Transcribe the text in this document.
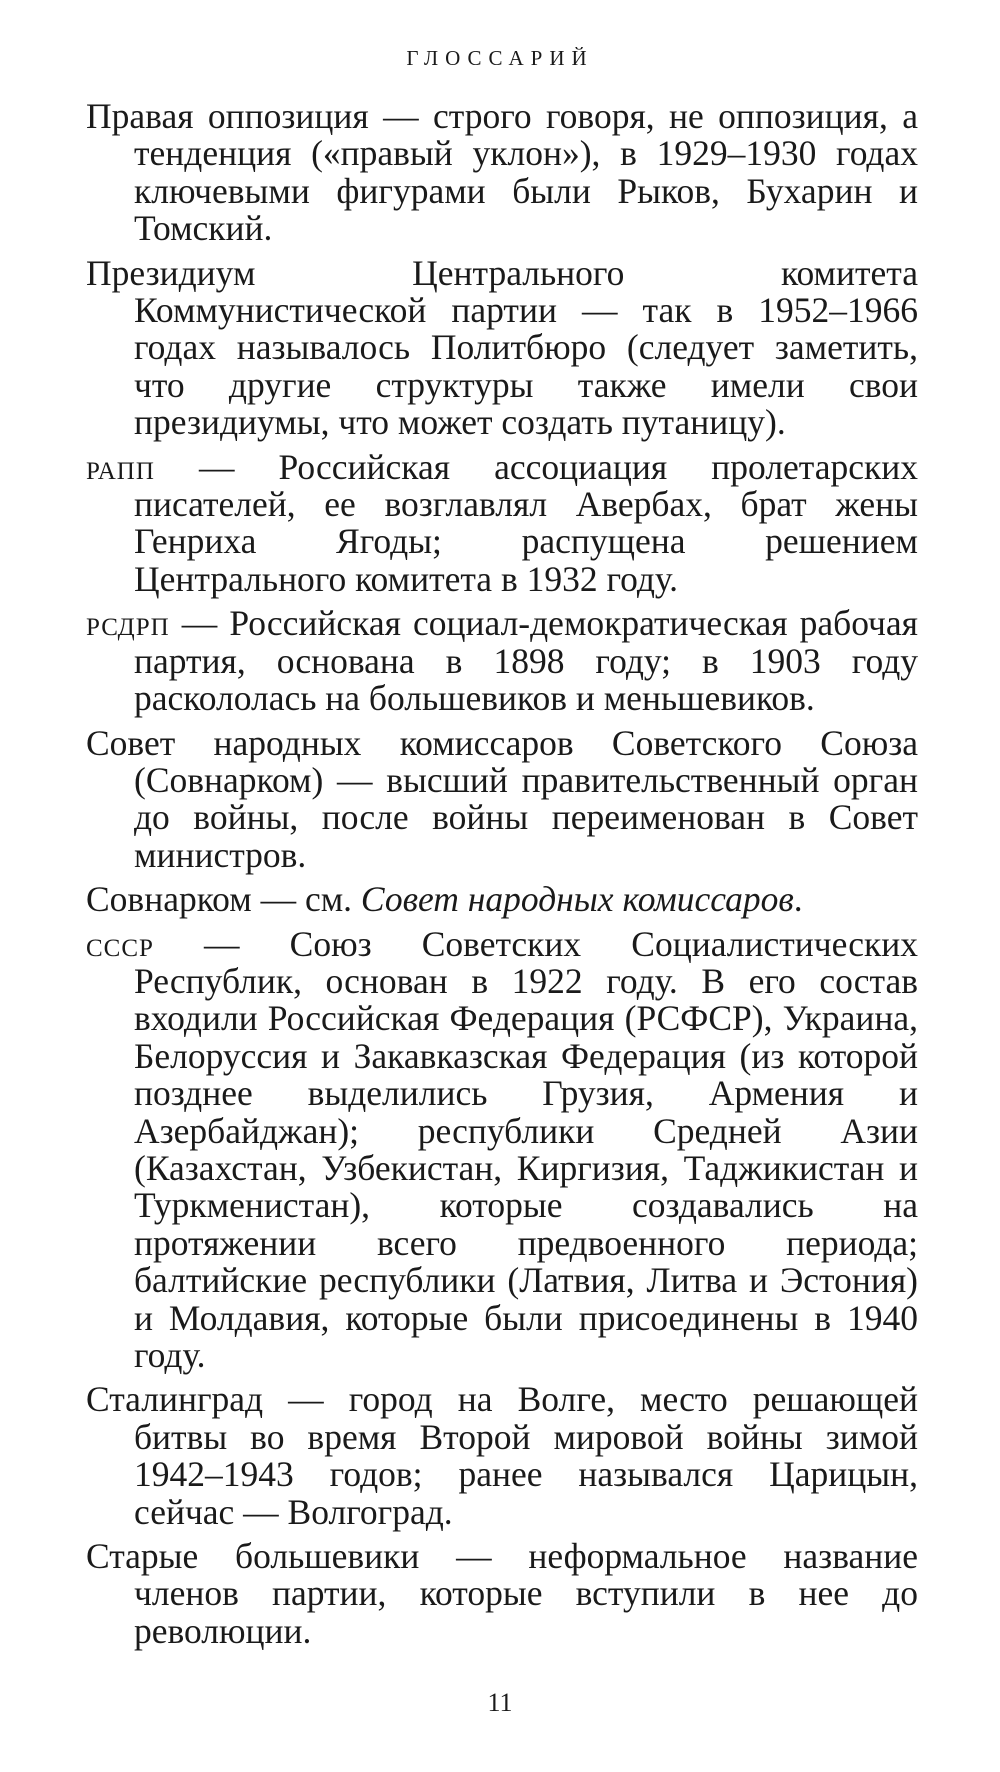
ГЛОССАРИЙ

Правая оппозиция — строго говоря, не оппозиция, а тенденция («правый уклон»), в 1929–1930 годах ключевыми фигурами были Рыков, Бухарин и Томский.

Президиум Центрального комитета Коммунистической партии — так в 1952–1966 годах называлось Политбюро (следует заметить, что другие структуры также имели свои президиумы, что может создать путаницу).

рапп — Российская ассоциация пролетарских писателей, ее возглавлял Авербах, брат жены Генриха Ягоды; распущена решением Центрального комитета в 1932 году.

рсдрп — Российская социал-демократическая рабочая партия, основана в 1898 году; в 1903 году раскололась на большевиков и меньшевиков.

Совет народных комиссаров Советского Союза (Совнарком) — высший правительственный орган до войны, после войны переименован в Совет министров.

Совнарком — см. Совет народных комиссаров.

ссср — Союз Советских Социалистических Республик, основан в 1922 году. В его состав входили Российская Федерация (РСФСР), Украина, Белоруссия и Закавказская Федерация (из которой позднее выделились Грузия, Армения и Азербайджан); республики Средней Азии (Казахстан, Узбекистан, Киргизия, Таджикистан и Туркменистан), которые создавались на протяжении всего предвоенного периода; балтийские республики (Латвия, Литва и Эстония) и Молдавия, которые были присоединены в 1940 году.

Сталинград — город на Волге, место решающей битвы во время Второй мировой войны зимой 1942–1943 годов; ранее назывался Царицын, сейчас — Волгоград.

Старые большевики — неформальное название членов партии, которые вступили в нее до революции.

11
